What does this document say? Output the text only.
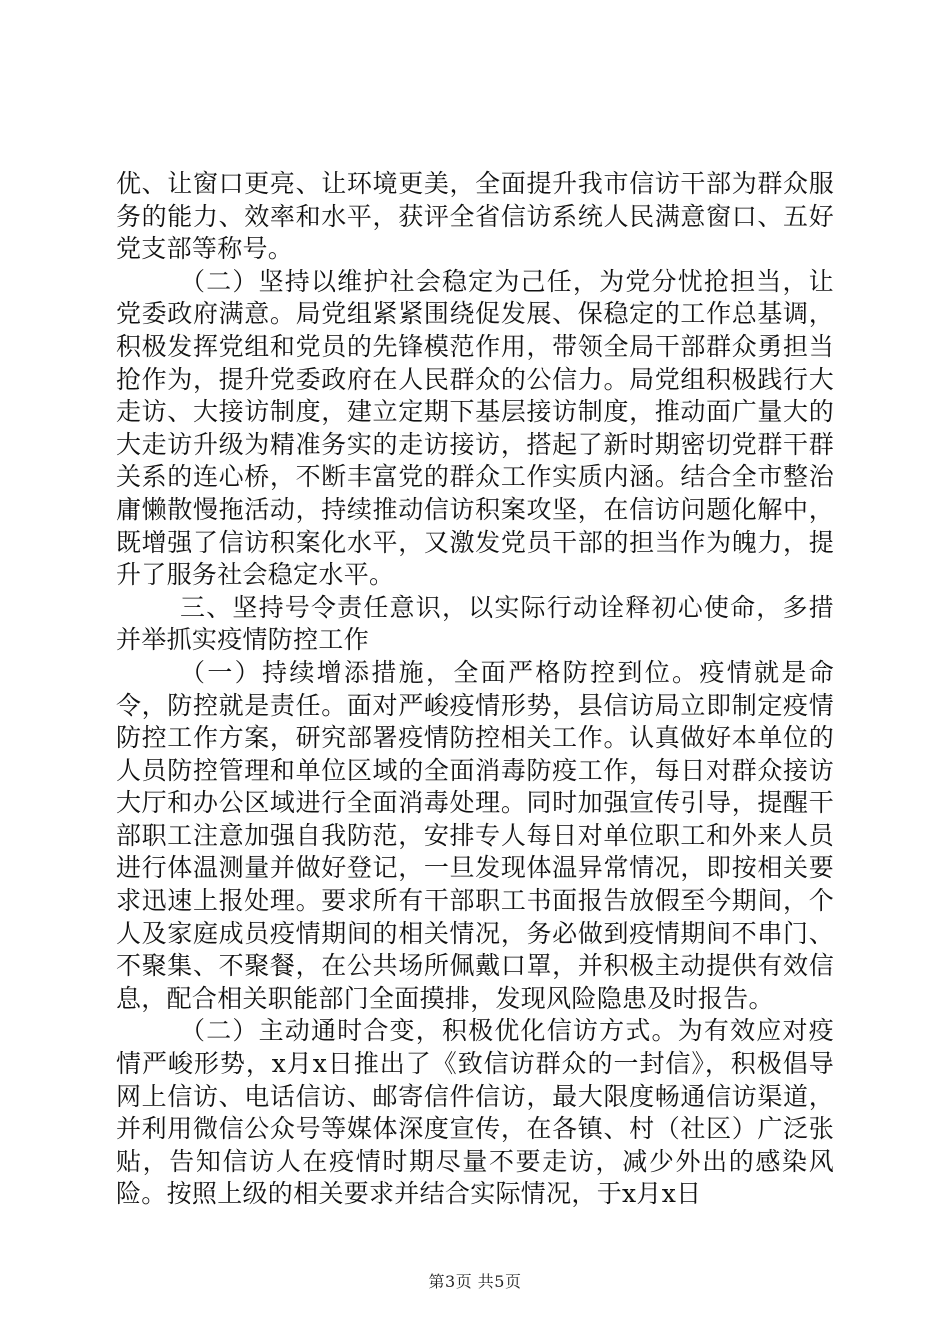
优、让窗口更亮、让环境更美，全面提升我市信访干部为群众服务的能力、效率和水平，获评全省信访系统人民满意窗口、五好党支部等称号。

（二）坚持以维护社会稳定为己任，为党分忧抢担当，让党委政府满意。局党组紧紧围绕促发展、保稳定的工作总基调，积极发挥党组和党员的先锋模范作用，带领全局干部群众勇担当抢作为，提升党委政府在人民群众的公信力。局党组积极践行大走访、大接访制度，建立定期下基层接访制度，推动面广量大的大走访升级为精准务实的走访接访，搭起了新时期密切党群干群关系的连心桥，不断丰富党的群众工作实质内涵。结合全市整治庸懒散慢拖活动，持续推动信访积案攻坚，在信访问题化解中，既增强了信访积案化水平，又激发党员干部的担当作为魄力，提升了服务社会稳定水平。

三、坚持号令责任意识，以实际行动诠释初心使命，多措并举抓实疫情防控工作

（一）持续增添措施，全面严格防控到位。疫情就是命令，防控就是责任。面对严峻疫情形势，县信访局立即制定疫情防控工作方案，研究部署疫情防控相关工作。认真做好本单位的人员防控管理和单位区域的全面消毒防疫工作，每日对群众接访大厅和办公区域进行全面消毒处理。同时加强宣传引导，提醒干部职工注意加强自我防范，安排专人每日对单位职工和外来人员进行体温测量并做好登记，一旦发现体温异常情况，即按相关要求迅速上报处理。要求所有干部职工书面报告放假至今期间，个人及家庭成员疫情期间的相关情况，务必做到疫情期间不串门、不聚集、不聚餐，在公共场所佩戴口罩，并积极主动提供有效信息，配合相关职能部门全面摸排，发现风险隐患及时报告。

（二）主动通时合变，积极优化信访方式。为有效应对疫情严峻形势，x月x日推出了《致信访群众的一封信》，积极倡导网上信访、电话信访、邮寄信件信访，最大限度畅通信访渠道，并利用微信公众号等媒体深度宣传，在各镇、村（社区）广泛张贴，告知信访人在疫情时期尽量不要走访，减少外出的感染风险。按照上级的相关要求并结合实际情况，于x月x日

第3页 共5页
